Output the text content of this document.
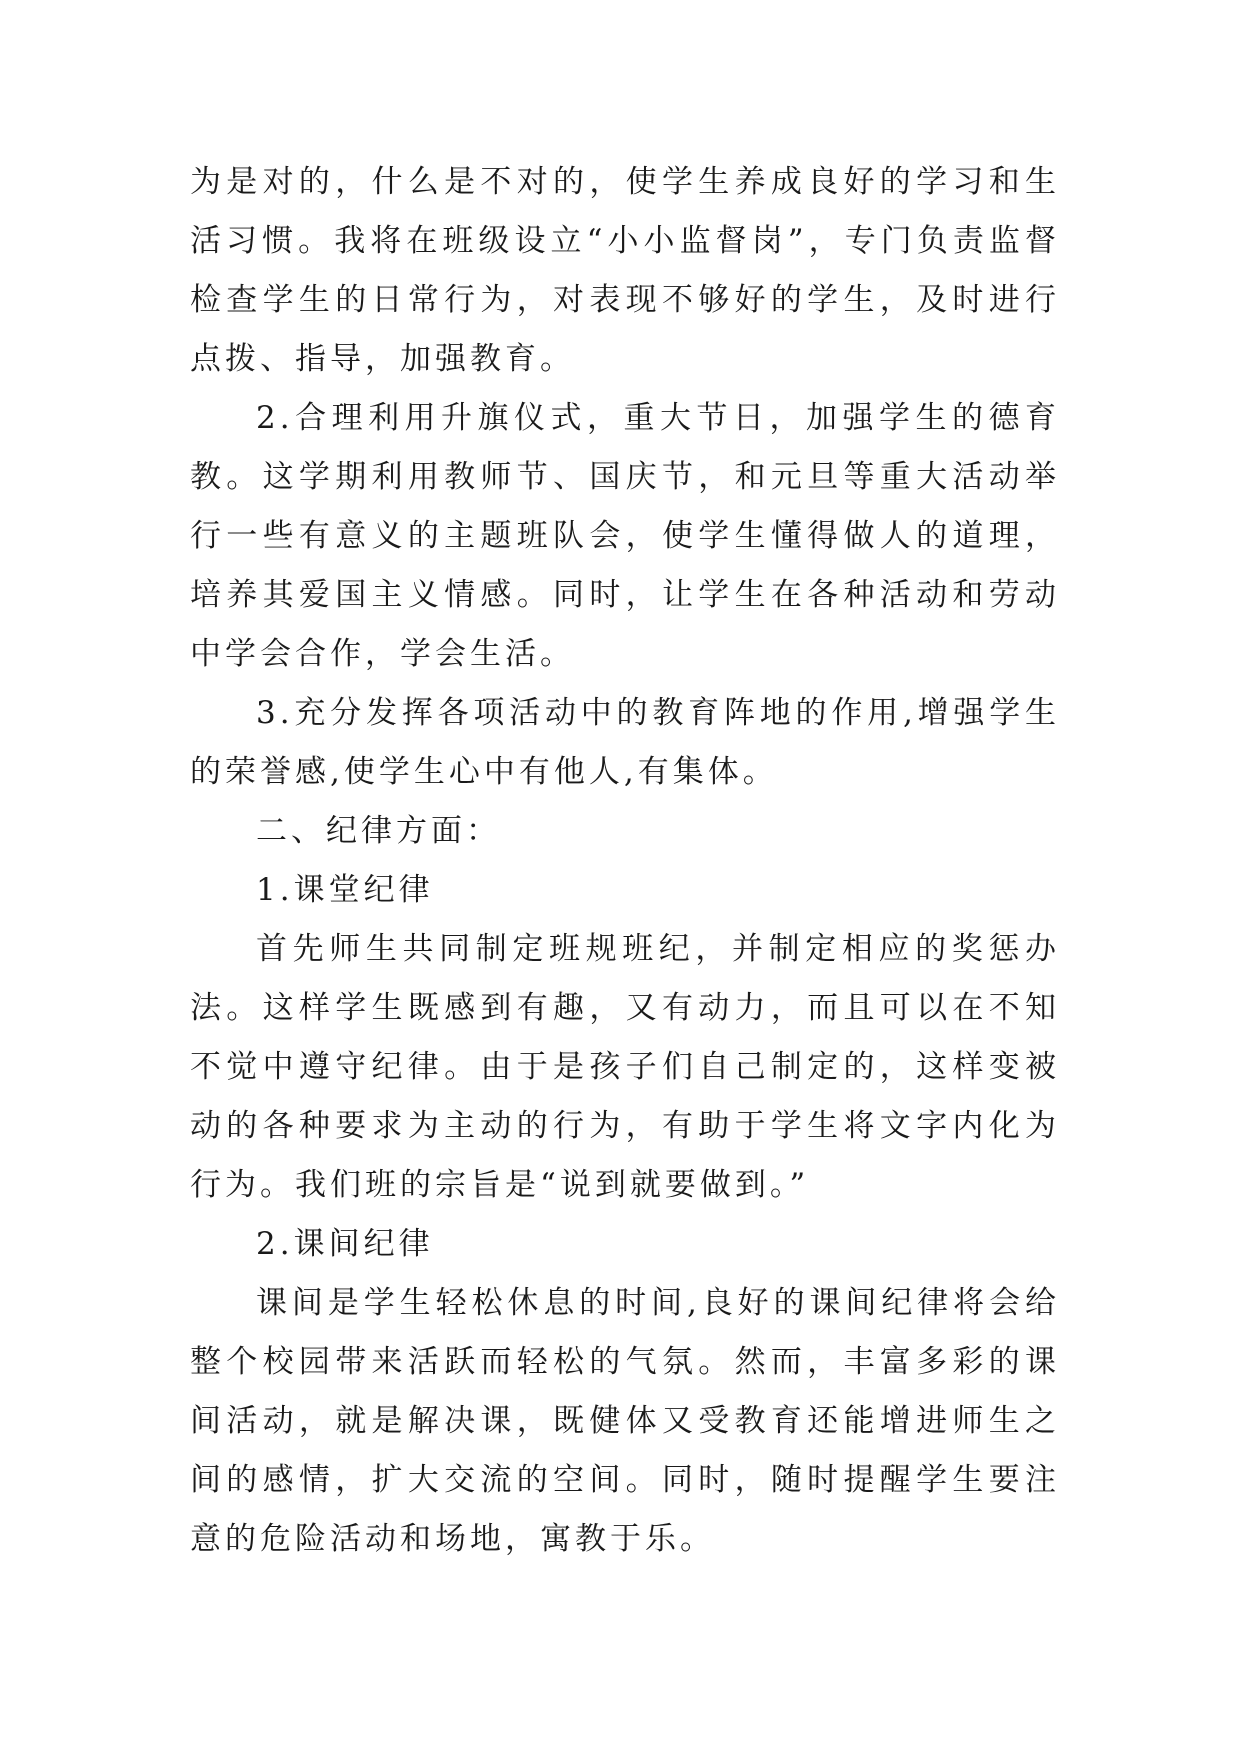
为是对的，什么是不对的，使学生养成良好的学习和生活习惯。我将在班级设立“小小监督岗”，专门负责监督检查学生的日常行为，对表现不够好的学生，及时进行点拨、指导，加强教育。

2.合理利用升旗仪式，重大节日，加强学生的德育教。这学期利用教师节、国庆节，和元旦等重大活动举行一些有意义的主题班队会，使学生懂得做人的道理，培养其爱国主义情感。同时，让学生在各种活动和劳动中学会合作，学会生活。

3.充分发挥各项活动中的教育阵地的作用,增强学生的荣誉感,使学生心中有他人,有集体。

二、纪律方面：

1.课堂纪律

首先师生共同制定班规班纪，并制定相应的奖惩办法。这样学生既感到有趣，又有动力，而且可以在不知不觉中遵守纪律。由于是孩子们自己制定的，这样变被动的各种要求为主动的行为，有助于学生将文字内化为行为。我们班的宗旨是“说到就要做到。”

2.课间纪律

课间是学生轻松休息的时间,良好的课间纪律将会给整个校园带来活跃而轻松的气氛。然而，丰富多彩的课间活动，就是解决课，既健体又受教育还能增进师生之间的感情，扩大交流的空间。同时，随时提醒学生要注意的危险活动和场地，寓教于乐。
